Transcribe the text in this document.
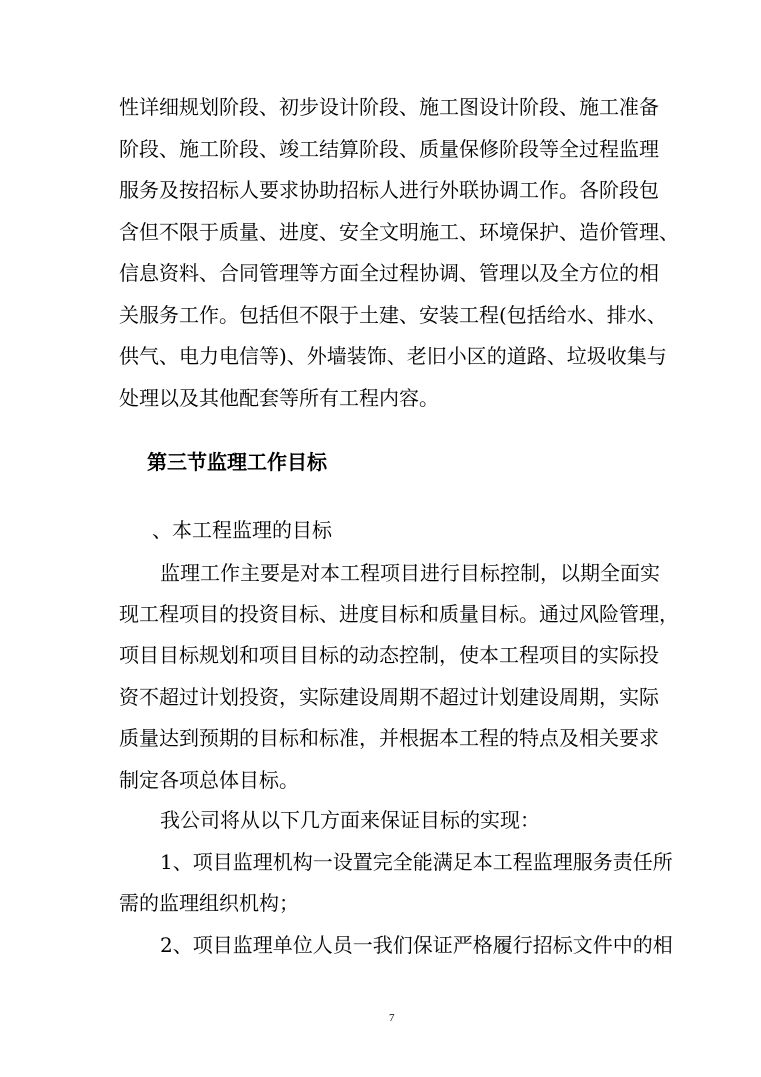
性详细规划阶段、初步设计阶段、施工图设计阶段、施工准备
阶段、施工阶段、竣工结算阶段、质量保修阶段等全过程监理
服务及按招标人要求协助招标人进行外联协调工作。各阶段包
含但不限于质量、进度、安全文明施工、环境保护、造价管理、
信息资料、合同管理等方面全过程协调、管理以及全方位的相
关服务工作。包括但不限于土建、安装工程(包括给水、排水、
供气、电力电信等)、外墙装饰、老旧小区的道路、垃圾收集与
处理以及其他配套等所有工程内容。
第三节监理工作目标
、本工程监理的目标
监理工作主要是对本工程项目进行目标控制，以期全面实
现工程项目的投资目标、进度目标和质量目标。通过风险管理，
项目目标规划和项目目标的动态控制，使本工程项目的实际投
资不超过计划投资，实际建设周期不超过计划建设周期，实际
质量达到预期的目标和标准，并根据本工程的特点及相关要求
制定各项总体目标。
我公司将从以下几方面来保证目标的实现：
1、项目监理机构一设置完全能满足本工程监理服务责任所
需的监理组织机构；
2、项目监理单位人员一我们保证严格履行招标文件中的相
7
